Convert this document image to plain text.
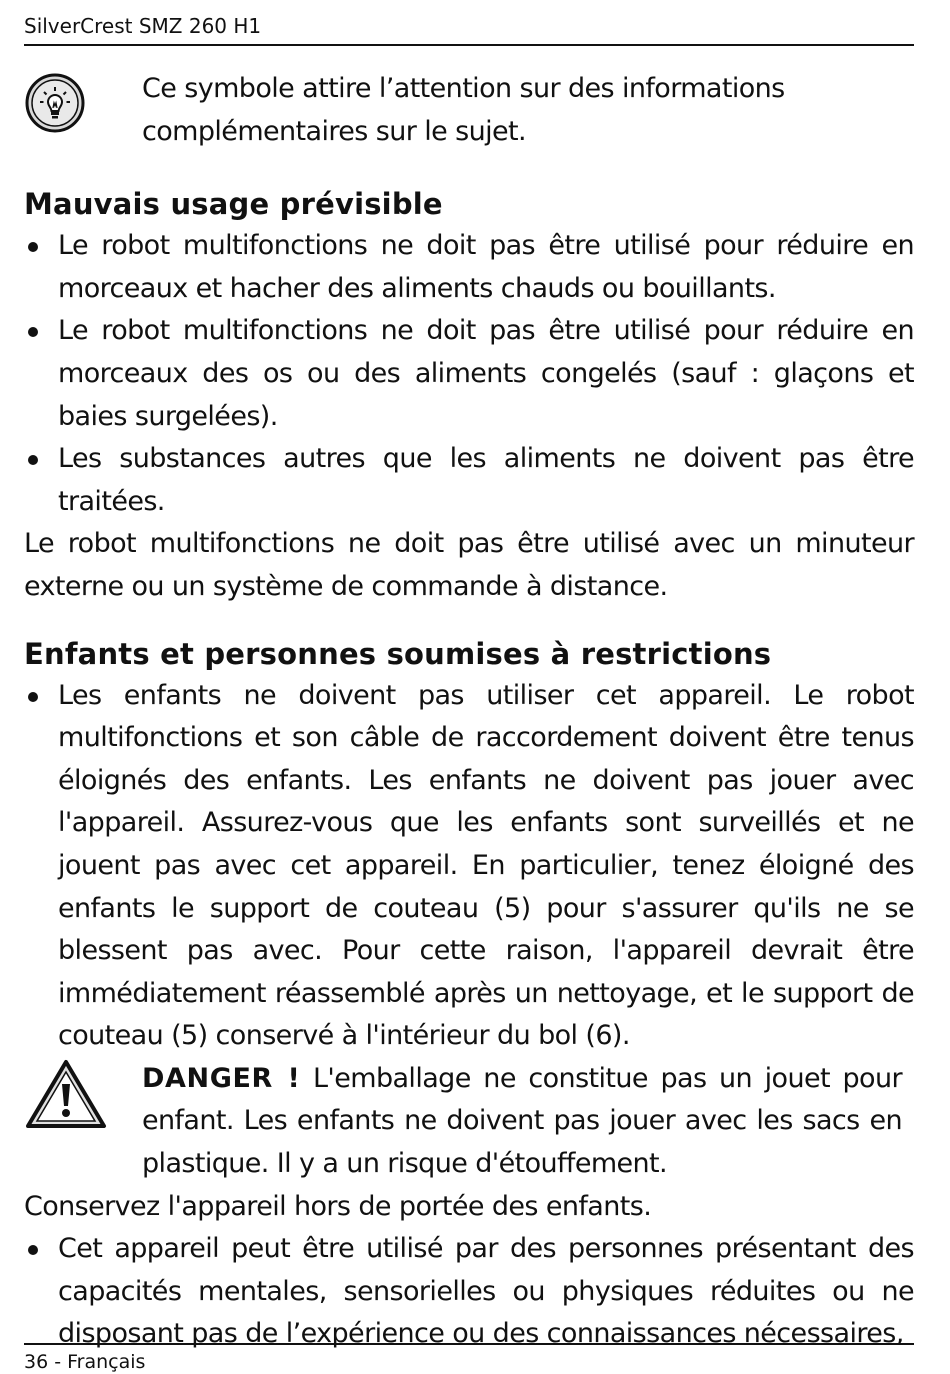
SilverCrest SMZ 260 H1
Ce symbole attire l’attention sur des informations complémentaires sur le sujet.
Mauvais usage prévisible
Le robot multifonctions ne doit pas être utilisé pour réduire en morceaux et hacher des aliments chauds ou bouillants.
Le robot multifonctions ne doit pas être utilisé pour réduire en morceaux des os ou des aliments congelés (sauf : glaçons et baies surgelées).
Les substances autres que les aliments ne doivent pas être traitées.

Le robot multifonctions ne doit pas être utilisé avec un minuteur externe ou un système de commande à distance.

Enfants et personnes soumises à restrictions
Les enfants ne doivent pas utiliser cet appareil. Le robot multifonctions et son câble de raccordement doivent être tenus éloignés des enfants. Les enfants ne doivent pas jouer avec l'appareil. Assurez-vous que les enfants sont surveillés et ne jouent pas avec cet appareil. En particulier, tenez éloigné des enfants le support de couteau (5) pour s'assurer qu'ils ne se blessent pas avec. Pour cette raison, l'appareil devrait être immédiatement réassemblé après un nettoyage, et le support de couteau (5) conservé à l'intérieur du bol (6).
DANGER ! L'emballage ne constitue pas un jouet pour enfant. Les enfants ne doivent pas jouer avec les sacs en plastique. Il y a un risque d'étouffement.

Conservez l'appareil hors de portée des enfants.

Cet appareil peut être utilisé par des personnes présentant des capacités mentales, sensorielles ou physiques réduites ou ne disposant pas de l’expérience ou des connaissances nécessaires,
36 - Français
